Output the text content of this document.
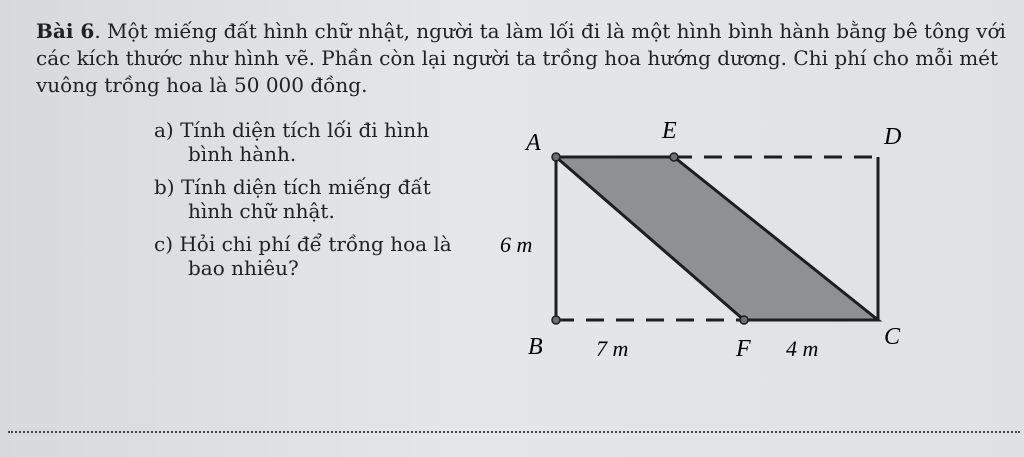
Bài 6. Một miếng đất hình chữ nhật, người ta làm lối đi là một hình bình hành bằng bê tông với các kích thước như hình vẽ. Phần còn lại người ta trồng hoa hướng dương. Chi phí cho mỗi mét vuông trồng hoa là 50 000 đồng.

a) Tính diện tích lối đi hình
bình hành.

b) Tính diện tích miếng đất
hình chữ nhật.

c) Hỏi chi phí để trồng hoa là
bao nhiêu?

A	E	D
B	F	C
6 m
7 m	4 m
